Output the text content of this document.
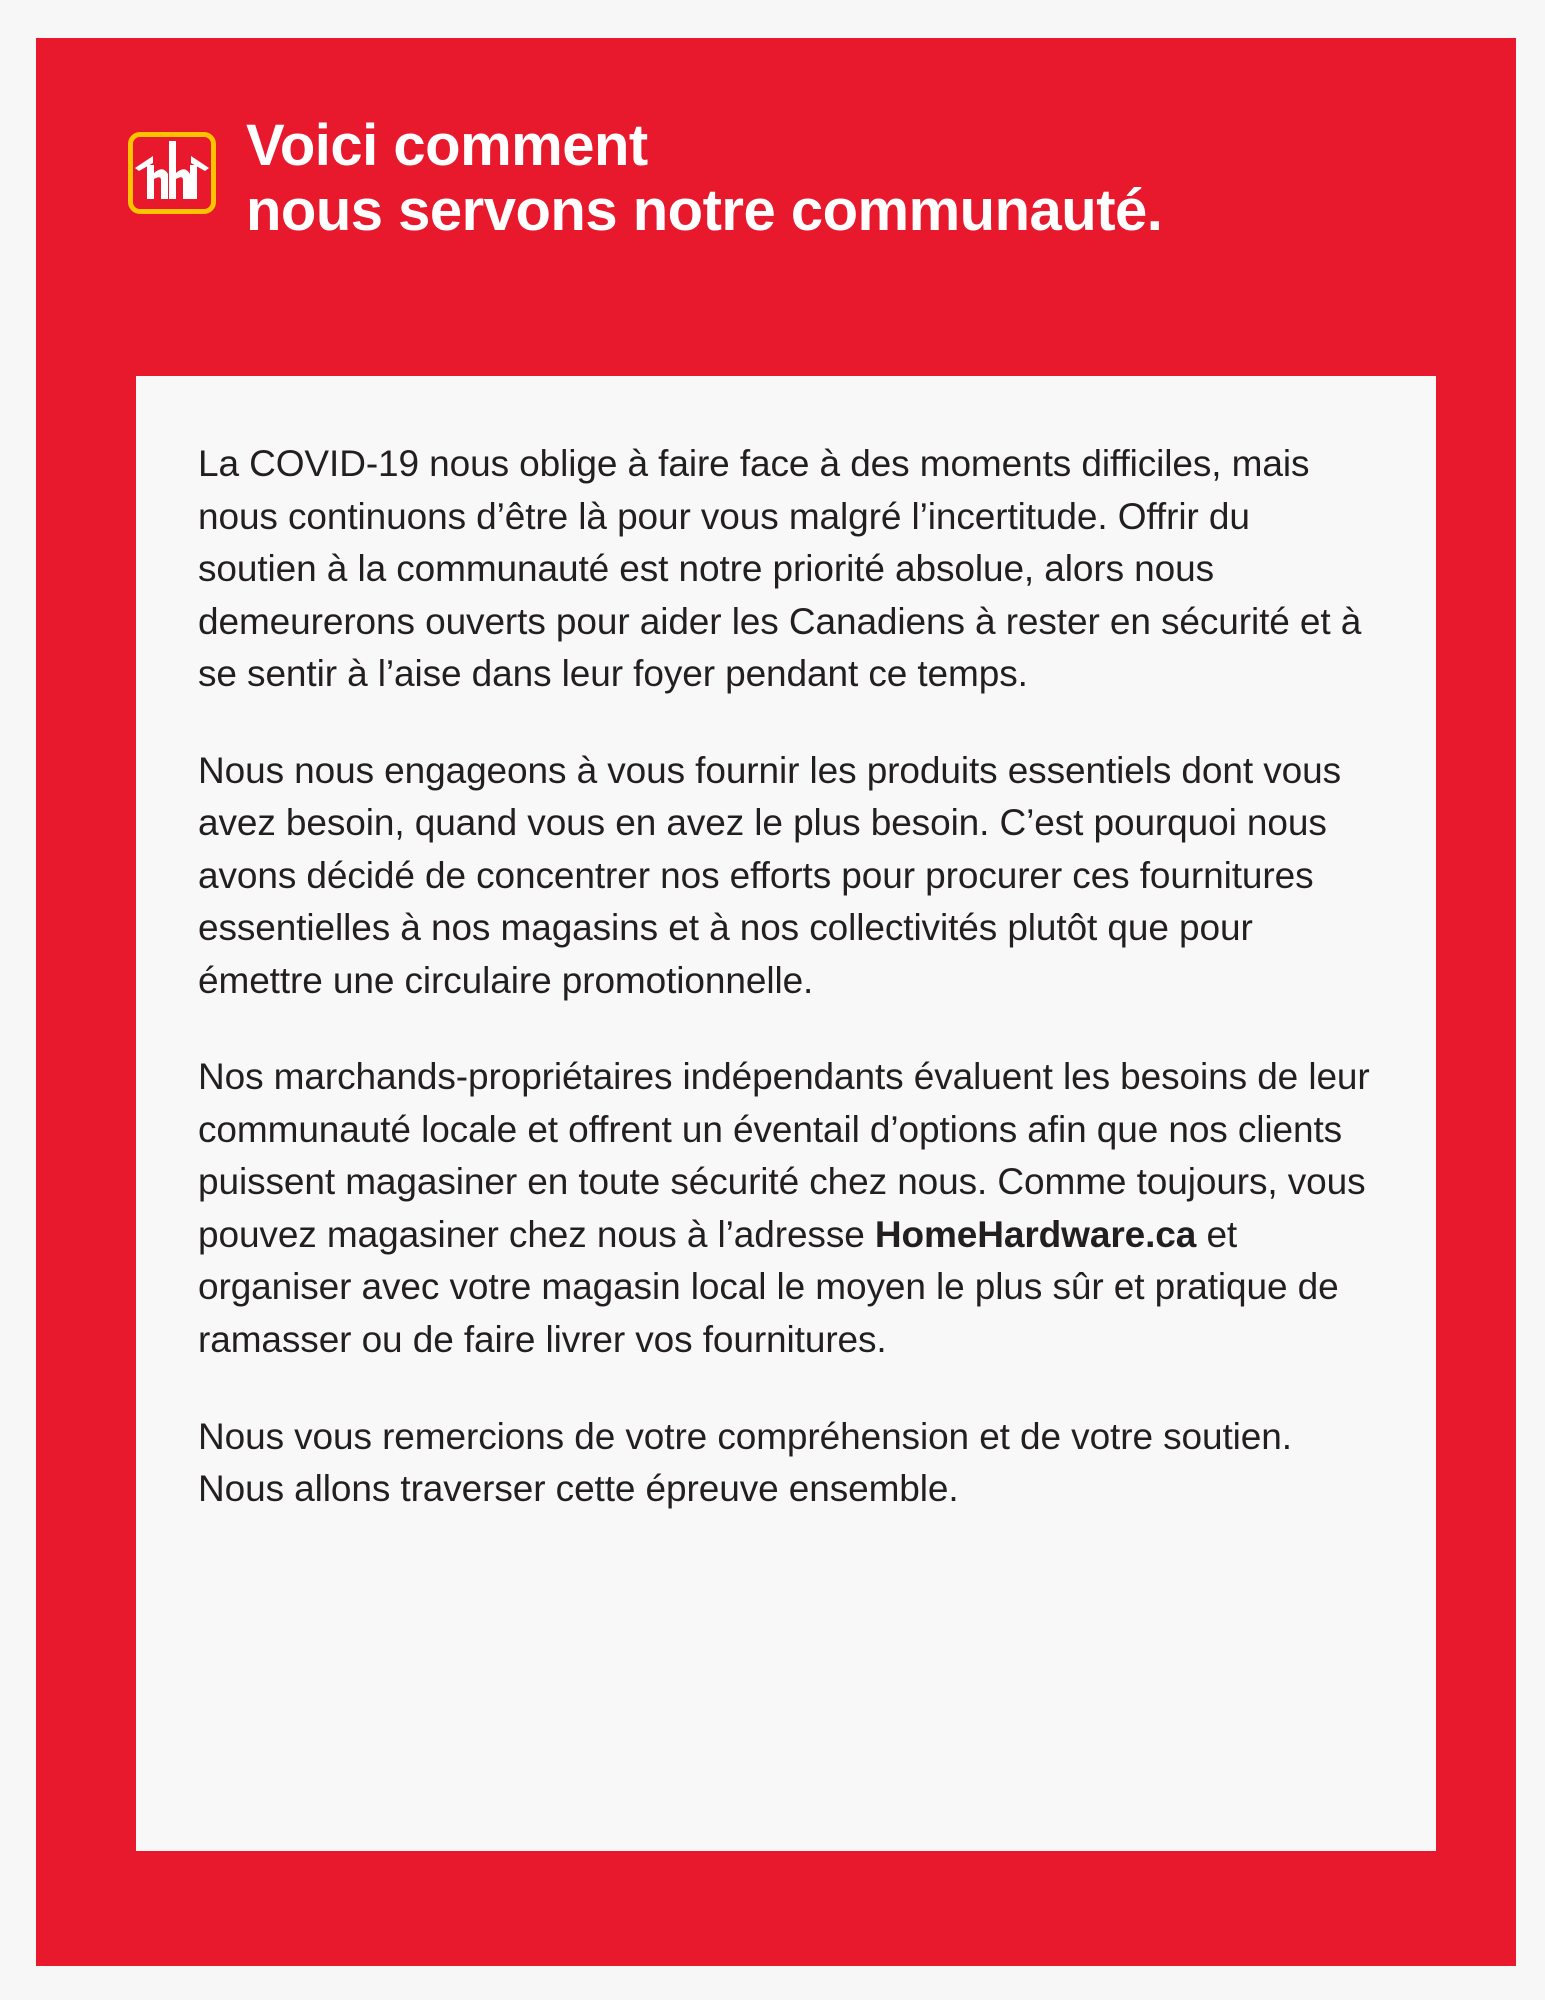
Voici comment
nous servons notre communauté.

La COVID-19 nous oblige à faire face à des moments difficiles, mais nous continuons d’être là pour vous malgré l’incertitude. Offrir du soutien à la communauté est notre priorité absolue, alors nous demeurerons ouverts pour aider les Canadiens à rester en sécurité et à se sentir à l’aise dans leur foyer pendant ce temps.

Nous nous engageons à vous fournir les produits essentiels dont vous avez besoin, quand vous en avez le plus besoin. C’est pourquoi nous avons décidé de concentrer nos efforts pour procurer ces fournitures essentielles à nos magasins et à nos collectivités plutôt que pour émettre une circulaire promotionnelle.

Nos marchands-propriétaires indépendants évaluent les besoins de leur communauté locale et offrent un éventail d’options afin que nos clients puissent magasiner en toute sécurité chez nous. Comme toujours, vous pouvez magasiner chez nous à l’adresse HomeHardware.ca et organiser avec votre magasin local le moyen le plus sûr et pratique de ramasser ou de faire livrer vos fournitures.

Nous vous remercions de votre compréhension et de votre soutien. Nous allons traverser cette épreuve ensemble.
